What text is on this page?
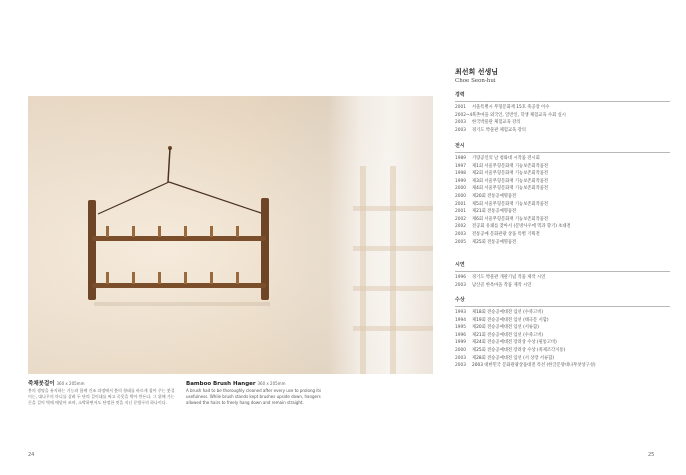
죽채붓걸이 360 x 205mm
봉의 생명을 유지하는 기능과 함께 건조 과정에서 붓의 형태를 바르게 잡아 주는 붓걸이는, 대나무의 마디를 살려 두 단의 걸이대를 짜고 죽못을 박아 만든다. 그 위에 가는 끈을 걸어 벽에 매달아 쓰며, 소박하면서도 단정한 멋을 지닌 문방구의 하나이다.
Bamboo Brush Hanger 360 x 205mm
A brush had to be thoroughly cleaned after every use to prolong its usefulness. While brush stands kept brushes upside down, hangers allowed the hairs to freely hang down and remain straight.
최선희 선생님
Choe Seon-hui
경력
2001	서울특별시 무형문화재 15호 죽공장 이수
2002~4 북촌마을 외국인, 일반인, 학생 체험교육 수회 실시
2003	한국박물관 체험교육 강의
2003	경기도 박물관 체험교육 강의
전시
1989	기량공인의 날 청와대 시작품 전시회
1997	제1회 서울무형문화재 기능보존회작품전
1998	제2회 서울무형문화재 기능보존회작품전
1999	제3회 서울무형문화재 기능보존회작품전
2000	제4회 서울무형문화재 기능보존회작품전
2000	제20회 전통공예명품전
2001	제5회 서울무형문화재 기능보존회작품전
2001	제21회 전통공예명품전
2002	제6회 서울무형문화재 기능보존회작품전
2002	전공회 유쾌를 찾아서 (문방사우에 먹과 향기) 초대전
2003	전통공예 문화관광 상품 특별 기획전
2005	제25회 전통공예명품전
시연
1996	경기도 박물관 개관기념 작품 제작 시연
2003	남산골 한옥마을 작품 제작 시연
수상
1993	제18회 전승공예대전 입선 (수죽고비)
1994	제19회 전승공예대전 입선 (태극문 서함)
1995	제20회 전승공예대전 입선 (서류함)
1996	제21회 전승공예대전 입선 (수죽고비)
1999	제24회 전승공예대전 장려상 수상 (필통고비)
2000	제25회 전승공예대전 장려상 수상 (죽제조각지통)
2003	제28회 전승공예대전 입선 (서 상장 서류함)
2003	2003 대한민국 문화관광상품대전 특선 (한글문양대나무찻상구성)
24	25
